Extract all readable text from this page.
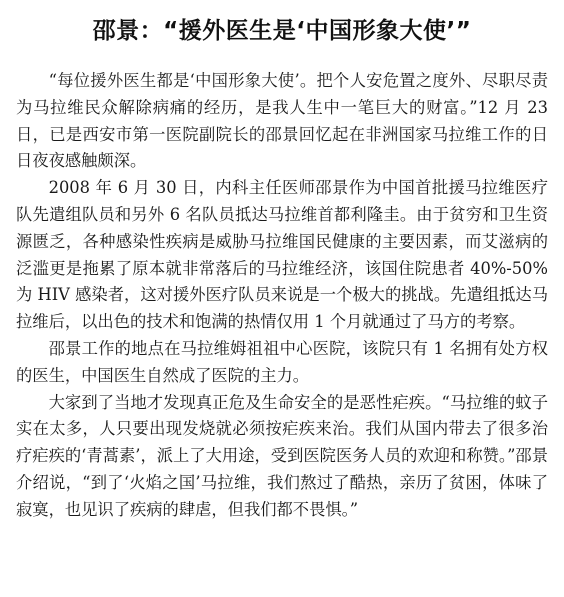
邵景：“援外医生是‘中国形象大使’”

“每位援外医生都是‘中国形象大使’。把个人安危置之度外、尽职尽责为马拉维民众解除病痛的经历，是我人生中一笔巨大的财富。”12 月 23 日，已是西安市第一医院副院长的邵景回忆起在非洲国家马拉维工作的日日夜夜感触颇深。

2008 年 6 月 30 日，内科主任医师邵景作为中国首批援马拉维医疗队先遣组队员和另外 6 名队员抵达马拉维首都利隆圭。由于贫穷和卫生资源匮乏，各种感染性疾病是威胁马拉维国民健康的主要因素，而艾滋病的泛滥更是拖累了原本就非常落后的马拉维经济，该国住院患者 40%-50%为 HIV 感染者，这对援外医疗队员来说是一个极大的挑战。先遣组抵达马拉维后，以出色的技术和饱满的热情仅用 1 个月就通过了马方的考察。

邵景工作的地点在马拉维姆祖祖中心医院，该院只有 1 名拥有处方权的医生，中国医生自然成了医院的主力。

大家到了当地才发现真正危及生命安全的是恶性疟疾。“马拉维的蚊子实在太多，人只要出现发烧就必须按疟疾来治。我们从国内带去了很多治疗疟疾的‘青蒿素’，派上了大用途，受到医院医务人员的欢迎和称赞。”邵景介绍说，“到了‘火焰之国’马拉维，我们熬过了酷热，亲历了贫困，体味了寂寞，也见识了疾病的肆虐，但我们都不畏惧。”
